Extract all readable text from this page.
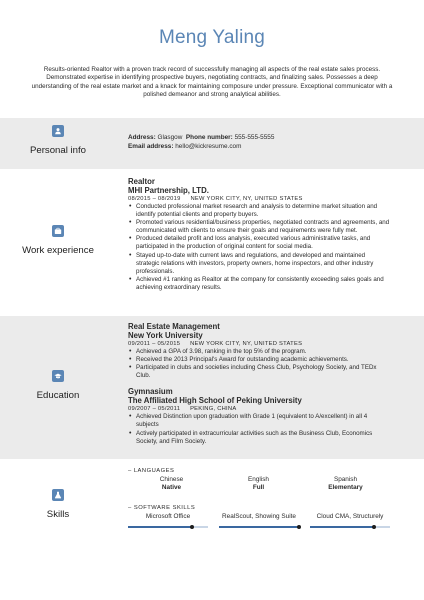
Meng Yaling
Results-oriented Realtor with a proven track record of successfully managing all aspects of the real estate sales process. Demonstrated expertise in identifying prospective buyers, negotiating contracts, and finalizing sales. Possesses a deep understanding of the real estate market and a knack for maintaining composure under pressure. Exceptional communicator with a polished demeanor and strong analytical abilities.
Personal info
Address: Glasgow Phone number: 555-555-5555
Email address: hello@kickresume.com
Work experience
Realtor
MHI Partnership, LTD.
08/2015 – 08/2019 NEW YORK CITY, NY, UNITED STATES
• Conducted professional market research and analysis to determine market situation and identify potential clients and property buyers.
• Promoted various residential/business properties, negotiated contracts and agreements, and communicated with clients to ensure their goals and requirements were fully met.
• Produced detailed profit and loss analysis, executed various administrative tasks, and participated in the production of original content for social media.
• Stayed up-to-date with current laws and regulations, and developed and maintained strategic relations with investors, property owners, home inspectors, and other industry professionals.
• Achieved #1 ranking as Realtor at the company for consistently exceeding sales goals and achieving extraordinary results.
Education
Real Estate Management
New York University
09/2011 – 05/2015 NEW YORK CITY, NY, UNITED STATES
• Achieved a GPA of 3.98, ranking in the top 5% of the program.
• Received the 2013 Principal's Award for outstanding academic achievements.
• Participated in clubs and societies including Chess Club, Psychology Society, and TEDx Club.
Gymnasium
The Affiliated High School of Peking University
09/2007 – 05/2011 PEKING, CHINA
• Achieved Distinction upon graduation with Grade 1 (equivalent to A/excellent) in all 4 subjects
• Actively participated in extracurricular activities such as the Business Club, Economics Society, and Film Society.
Skills
– LANGUAGES
Chinese
Native
English
Full
Spanish
Elementary
– SOFTWARE SKILLS
Microsoft Office	RealScout, Showing Suite	Cloud CMA, Structurely
